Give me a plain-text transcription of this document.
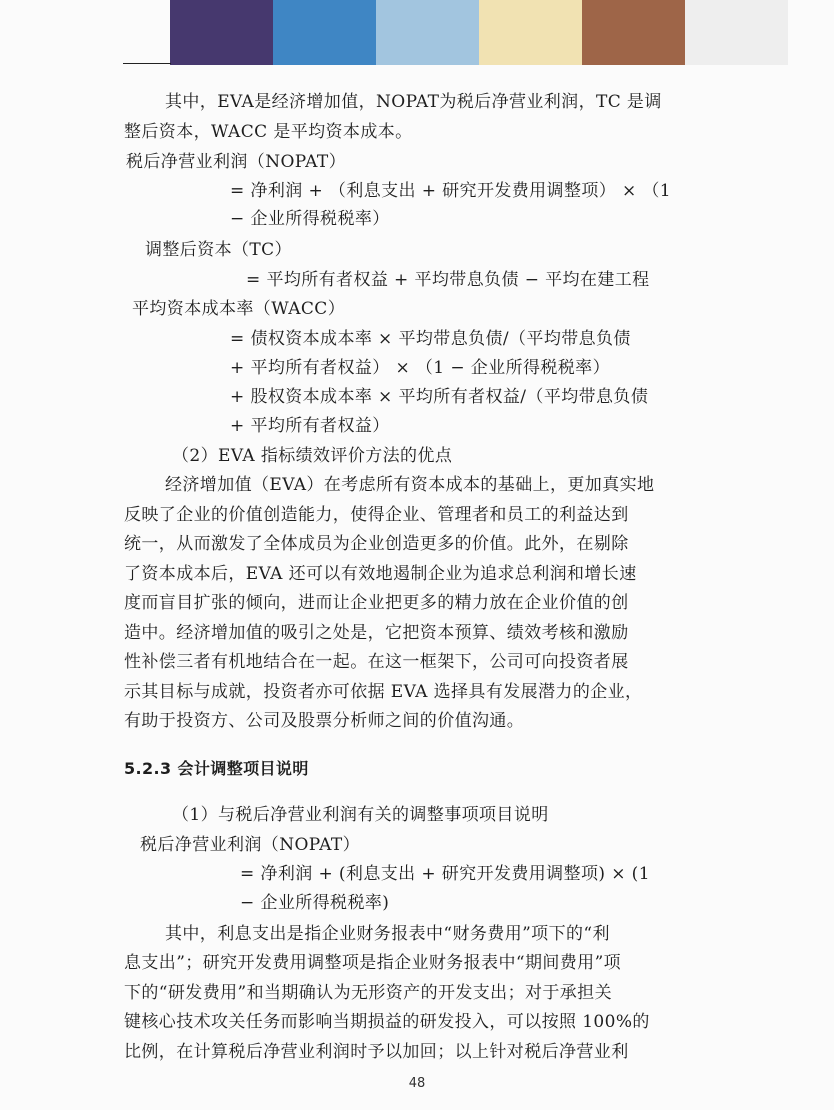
其中，EVA是经济增加值，NOPAT为税后净营业利润，TC 是调
整后资本，WACC 是平均资本成本。
税后净营业利润（NOPAT）
= 净利润 + （利息支出 + 研究开发费用调整项） × （1
− 企业所得税税率）
调整后资本（TC）
= 平均所有者权益 + 平均带息负债 − 平均在建工程
平均资本成本率（WACC）
= 债权资本成本率 × 平均带息负债/（平均带息负债
+ 平均所有者权益） × （1 − 企业所得税税率）
+ 股权资本成本率 × 平均所有者权益/（平均带息负债
+ 平均所有者权益）
（2）EVA 指标绩效评价方法的优点
经济增加值（EVA）在考虑所有资本成本的基础上，更加真实地
反映了企业的价值创造能力，使得企业、管理者和员工的利益达到
统一，从而激发了全体成员为企业创造更多的价值。此外，在剔除
了资本成本后，EVA 还可以有效地遏制企业为追求总利润和增长速
度而盲目扩张的倾向，进而让企业把更多的精力放在企业价值的创
造中。经济增加值的吸引之处是，它把资本预算、绩效考核和激励
性补偿三者有机地结合在一起。在这一框架下，公司可向投资者展
示其目标与成就，投资者亦可依据 EVA 选择具有发展潜力的企业，
有助于投资方、公司及股票分析师之间的价值沟通。
5.2.3 会计调整项目说明
（1）与税后净营业利润有关的调整事项项目说明
税后净营业利润（NOPAT）
= 净利润 + (利息支出 + 研究开发费用调整项) × (1
− 企业所得税税率)
其中，利息支出是指企业财务报表中“财务费用”项下的“利
息支出”；研究开发费用调整项是指企业财务报表中“期间费用”项
下的“研发费用”和当期确认为无形资产的开发支出；对于承担关
键核心技术攻关任务而影响当期损益的研发投入，可以按照 100%的
比例，在计算税后净营业利润时予以加回；以上针对税后净营业利
48
